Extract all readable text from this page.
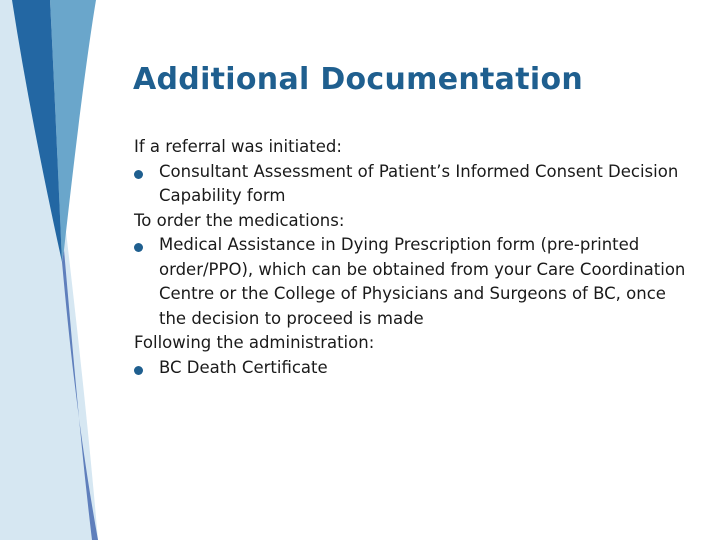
Additional Documentation

If a referral was initiated:

Consultant Assessment of Patient’s Informed Consent Decision Capability form

To order the medications:

Medical Assistance in Dying Prescription form (pre-printed order/PPO), which can be obtained from your Care Coordination Centre or the College of Physicians and Surgeons of BC, once the decision to proceed is made

Following the administration:

BC Death Certificate
